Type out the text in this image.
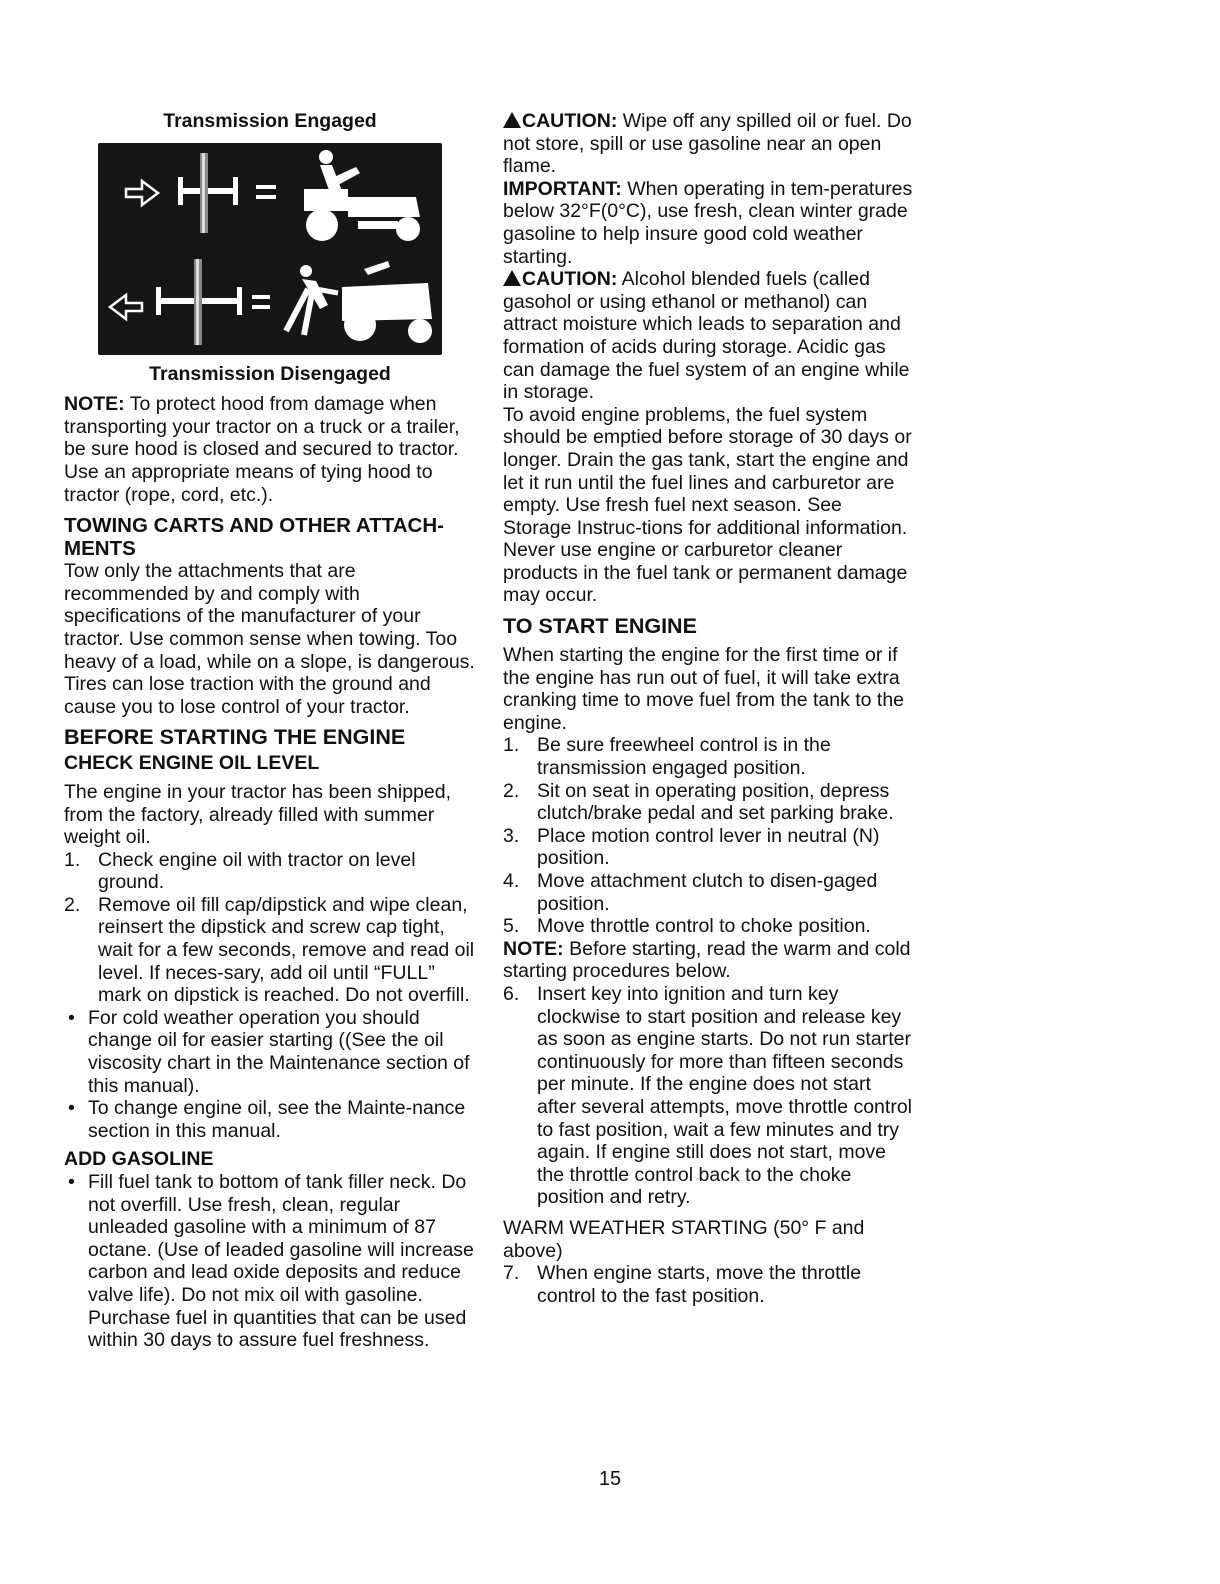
Transmission Engaged

Transmission Disengaged

NOTE: To protect hood from damage when transporting your tractor on a truck or a trailer, be sure hood is closed and secured to tractor. Use an appropriate means of tying hood to tractor (rope, cord, etc.).

TOWING CARTS AND OTHER ATTACH-MENTS

Tow only the attachments that are recommended by and comply with specifications of the manufacturer of your tractor. Use common sense when towing. Too heavy of a load, while on a slope, is dangerous. Tires can lose traction with the ground and cause you to lose control of your tractor.

BEFORE STARTING THE ENGINE

CHECK ENGINE OIL LEVEL

The engine in your tractor has been shipped, from the factory, already filled with summer weight oil.

1. Check engine oil with tractor on level ground.
2. Remove oil fill cap/dipstick and wipe clean, reinsert the dipstick and screw cap tight, wait for a few seconds, remove and read oil level. If neces-sary, add oil until “FULL” mark on dipstick is reached. Do not overfill.
• For cold weather operation you should change oil for easier starting ((See the oil viscosity chart in the Maintenance section of this manual).
• To change engine oil, see the Mainte-nance section in this manual.

ADD GASOLINE

• Fill fuel tank to bottom of tank filler neck. Do not overfill. Use fresh, clean, regular unleaded gasoline with a minimum of 87 octane. (Use of leaded gasoline will increase carbon and lead oxide deposits and reduce valve life). Do not mix oil with gasoline. Purchase fuel in quantities that can be used within 30 days to assure fuel freshness.

CAUTION: Wipe off any spilled oil or fuel. Do not store, spill or use gasoline near an open flame.

IMPORTANT: When operating in tem-peratures below 32°F(0°C), use fresh, clean winter grade gasoline to help insure good cold weather starting.

CAUTION: Alcohol blended fuels (called gasohol or using ethanol or methanol) can attract moisture which leads to separation and formation of acids during storage. Acidic gas can damage the fuel system of an engine while in storage.

To avoid engine problems, the fuel system should be emptied before storage of 30 days or longer. Drain the gas tank, start the engine and let it run until the fuel lines and carburetor are empty. Use fresh fuel next season. See Storage Instruc-tions for additional information.

Never use engine or carburetor cleaner products in the fuel tank or permanent damage may occur.

TO START ENGINE

When starting the engine for the first time or if the engine has run out of fuel, it will take extra cranking time to move fuel from the tank to the engine.

1. Be sure freewheel control is in the transmission engaged position.
2. Sit on seat in operating position, depress clutch/brake pedal and set parking brake.
3. Place motion control lever in neutral (N) position.
4. Move attachment clutch to disen-gaged position.
5. Move throttle control to choke position.

NOTE: Before starting, read the warm and cold starting procedures below.

6. Insert key into ignition and turn key clockwise to start position and release key as soon as engine starts. Do not run starter continuously for more than fifteen seconds per minute. If the engine does not start after several attempts, move throttle control to fast position, wait a few minutes and try again. If engine still does not start, move the throttle control back to the choke position and retry.

WARM WEATHER STARTING (50° F and above)

7. When engine starts, move the throttle control to the fast position.
15
